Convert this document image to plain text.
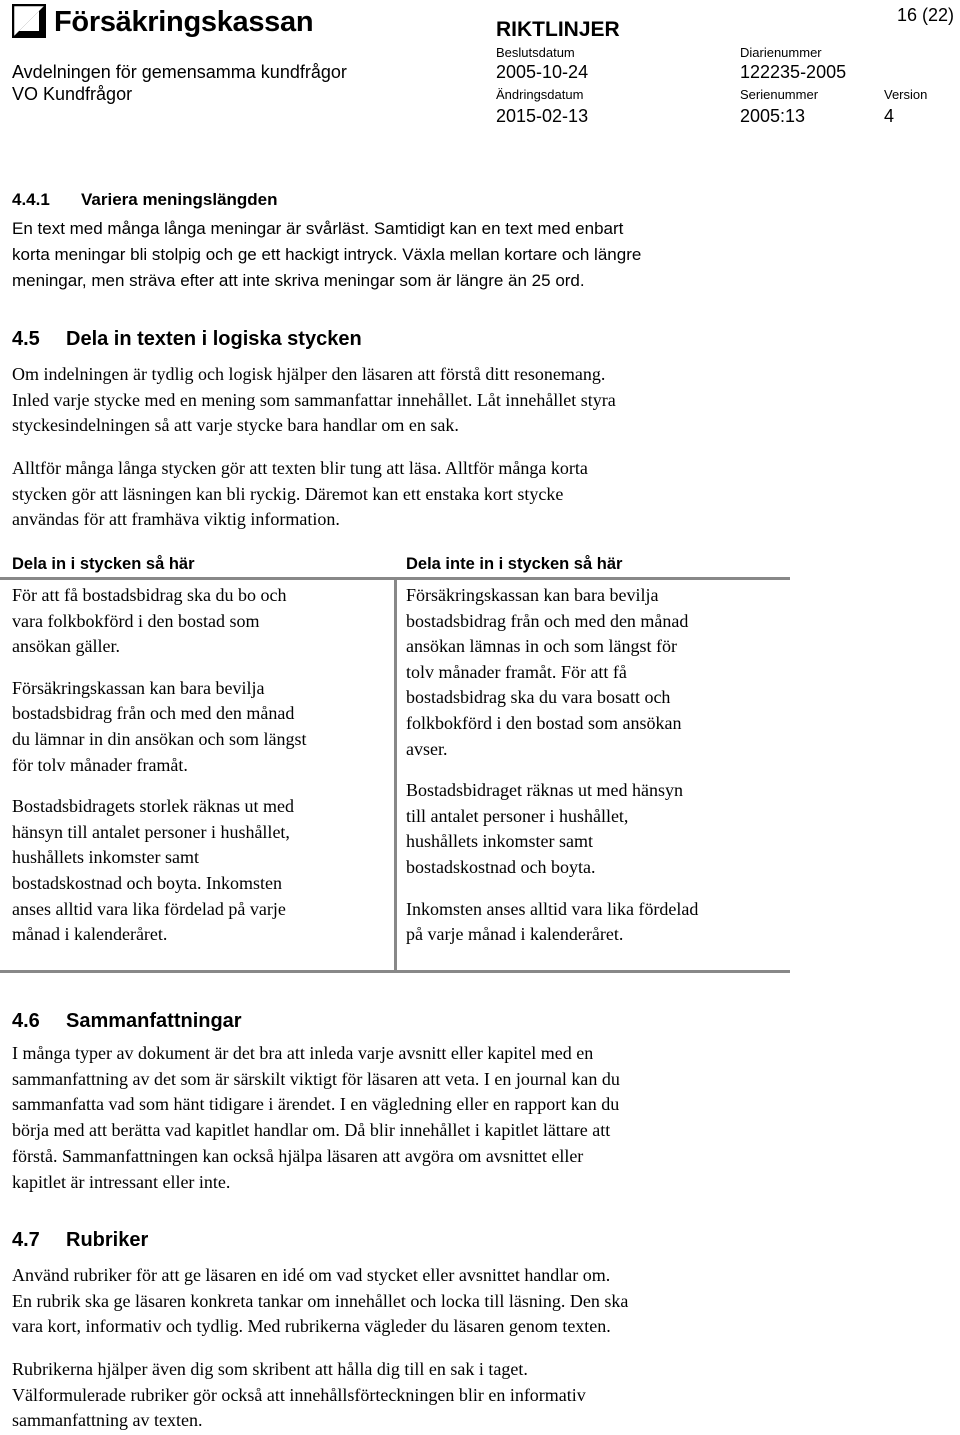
Försäkringskassan
Avdelningen för gemensamma kundfrågor
VO Kundfrågor
RIKTLINJER
Beslutsdatum
2005-10-24
Ändringsdatum
2015-02-13
Diarienummer
122235-2005
Serienummer
2005:13
Version
4
16 (22)
4.4.1 Variera meningslängden
En text med många långa meningar är svårläst. Samtidigt kan en text med enbart
korta meningar bli stolpig och ge ett hackigt intryck. Växla mellan kortare och längre
meningar, men sträva efter att inte skriva meningar som är längre än 25 ord.
4.5 Dela in texten i logiska stycken
Om indelningen är tydlig och logisk hjälper den läsaren att förstå ditt resonemang.
Inled varje stycke med en mening som sammanfattar innehållet. Låt innehållet styra
styckesindelningen så att varje stycke bara handlar om en sak.
Alltför många långa stycken gör att texten blir tung att läsa. Alltför många korta
stycken gör att läsningen kan bli ryckig. Däremot kan ett enstaka kort stycke
användas för att framhäva viktig information.
Dela in i stycken så här	Dela inte in i stycken så här

För att få bostadsbidrag ska du bo och
vara folkbokförd i den bostad som
ansökan gäller.

Försäkringskassan kan bara bevilja
bostadsbidrag från och med den månad
du lämnar in din ansökan och som längst
för tolv månader framåt.

Bostadsbidragets storlek räknas ut med
hänsyn till antalet personer i hushållet,
hushållets inkomster samt
bostadskostnad och boyta. Inkomsten
anses alltid vara lika fördelad på varje
månad i kalenderåret.

Försäkringskassan kan bara bevilja
bostadsbidrag från och med den månad
ansökan lämnas in och som längst för
tolv månader framåt. För att få
bostadsbidrag ska du vara bosatt och
folkbokförd i den bostad som ansökan
avser.

Bostadsbidraget räknas ut med hänsyn
till antalet personer i hushållet,
hushållets inkomster samt
bostadskostnad och boyta.

Inkomsten anses alltid vara lika fördelad
på varje månad i kalenderåret.

4.6 Sammanfattningar
I många typer av dokument är det bra att inleda varje avsnitt eller kapitel med en
sammanfattning av det som är särskilt viktigt för läsaren att veta. I en journal kan du
sammanfatta vad som hänt tidigare i ärendet. I en vägledning eller en rapport kan du
börja med att berätta vad kapitlet handlar om. Då blir innehållet i kapitlet lättare att
förstå. Sammanfattningen kan också hjälpa läsaren att avgöra om avsnittet eller
kapitlet är intressant eller inte.
4.7 Rubriker
Använd rubriker för att ge läsaren en idé om vad stycket eller avsnittet handlar om.
En rubrik ska ge läsaren konkreta tankar om innehållet och locka till läsning. Den ska
vara kort, informativ och tydlig. Med rubrikerna vägleder du läsaren genom texten.
Rubrikerna hjälper även dig som skribent att hålla dig till en sak i taget.
Välformulerade rubriker gör också att innehållsförteckningen blir en informativ
sammanfattning av texten.
